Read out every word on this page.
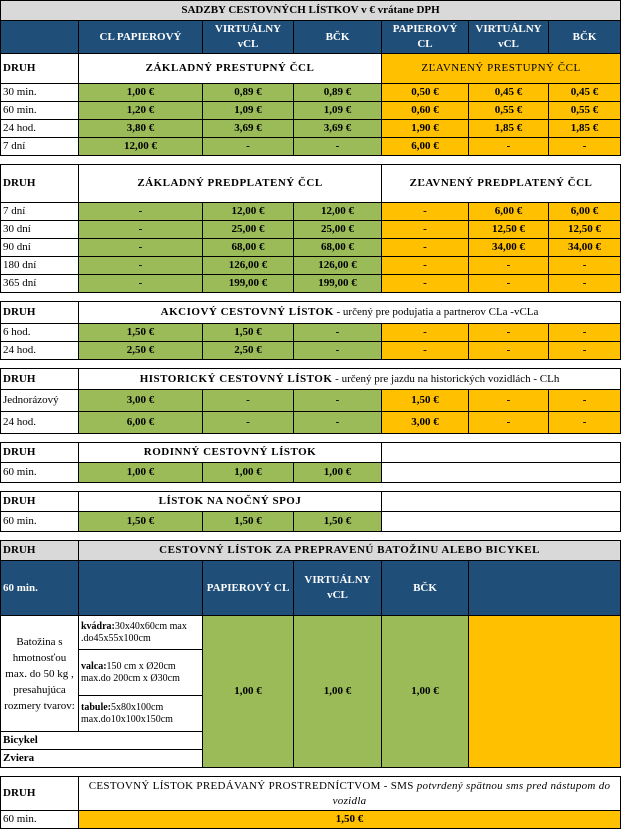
SADZBY CESTOVNÝCH LÍSTKOV v € vrátane DPH						
	CL PAPIEROVÝ	VIRTUÁLNY vCL	BČK	PAPIEROVÝ CL	VIRTUÁLNY vCL	BČK
DRUH	ZÁKLADNÝ PRESTUPNÝ ČCL			ZĽAVNENÝ PRESTUPNÝ ČCL		
30 min.	1,00 €	0,89 €	0,89 €	0,50 €	0,45 €	0,45 €
60 min.	1,20 €	1,09 €	1,09 €	0,60 €	0,55 €	0,55 €
24 hod.	3,80 €	3,69 €	3,69 €	1,90 €	1,85 €	1,85 €
7 dní	12,00 €	-	-	6,00 €	-	-

DRUH	ZÁKLADNÝ PREDPLATENÝ ČCL			ZĽAVNENÝ PREDPLATENÝ ČCL		
7 dní	-	12,00 €	12,00 €	-	6,00 €	6,00 €
30 dní	-	25,00 €	25,00 €	-	12,50 €	12,50 €
90 dní	-	68,00 €	68,00 €	-	34,00 €	34,00 €
180 dní	-	126,00 €	126,00 €	-	-	-
365 dní	-	199,00 €	199,00 €	-	-	-

DRUH	AKCIOVÝ CESTOVNÝ LÍSTOK - určený pre podujatia a partnerov CLa -vCLa					
6 hod.	1,50 €	1,50 €	-	-	-	-
24 hod.	2,50 €	2,50 €	-	-	-	-

DRUH	HISTORICKÝ CESTOVNÝ LÍSTOK - určený pre jazdu na historických vozidlách - CLh					
Jednorázový	3,00 €	-	-	1,50 €	-	-
24 hod.	6,00 €	-	-	3,00 €	-	-

DRUH	RODINNÝ CESTOVNÝ LÍSTOK					
60 min.	1,00 €	1,00 €	1,00 €			

DRUH	LÍSTOK NA NOČNÝ SPOJ					
60 min.	1,50 €	1,50 €	1,50 €			

DRUH	CESTOVNÝ LÍSTOK ZA PREPRAVENÚ BATOŽINU ALEBO BICYKEL					
60 min.		PAPIEROVÝ CL	VIRTUÁLNY vCL	BČK		
Batožina s hmotnosťou max. do 50 kg , presahujúca rozmery tvarov:	kvádra:30x40x60cm max .do45x55x100cm	1,00 €	1,00 €	1,00 €		
	valca:150 cm x Ø20cm max.do 200cm x Ø30cm					
	tabule:5x80x100cm max.do10x100x150cm					
Bicykel						
Zviera						

DRUH	CESTOVNÝ LÍSTOK PREDÁVANÝ PROSTREDNÍCTVOM - SMS potvrdený spätnou sms pred nástupom do vozidla					
60 min.	1,50 €					
